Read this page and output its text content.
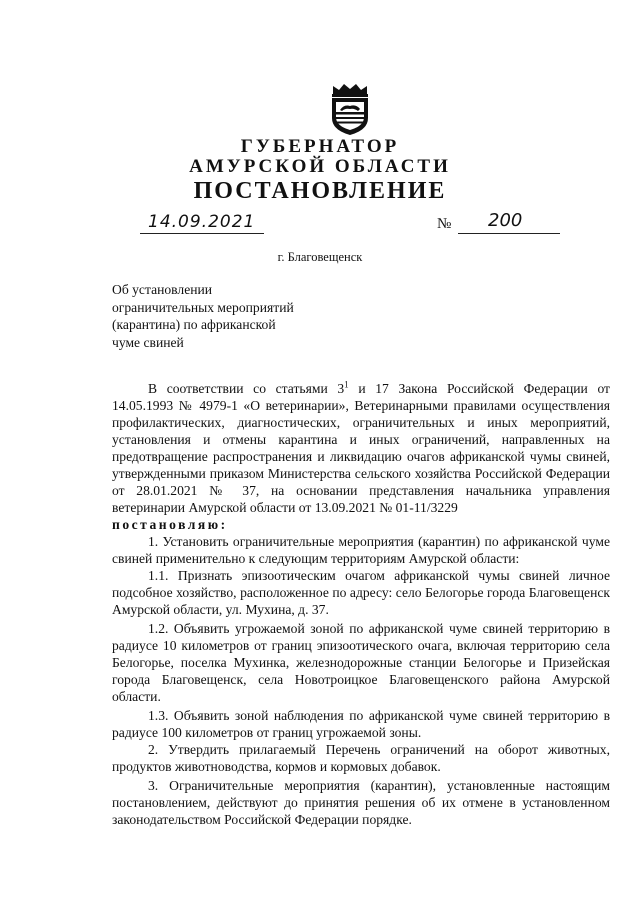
ГУБЕРНАТОР
АМУРСКОЙ ОБЛАСТИ
ПОСТАНОВЛЕНИЕ
14.09.2021	№ 200
г. Благовещенск
Об установлении
ограничительных мероприятий
(карантина) по африканской
чуме свиней

В соответствии со статьями $3^1$ и 17 Закона Российской Федерации от 14.05.1993 № 4979-1 «О ветеринарии», Ветеринарными правилами осуществления профилактических, диагностических, ограничительных и иных мероприятий, установления и отмены карантина и иных ограничений, направленных на предотвращение распространения и ликвидацию очагов африканской чумы свиней, утвержденными приказом Министерства сельского хозяйства Российской Федерации от 28.01.2021 № 37, на основании представления начальника управления ветеринарии Амурской области от 13.09.2021 № 01-11/3229

постановляю:

1. Установить ограничительные мероприятия (карантин) по африканской чуме свиней применительно к следующим территориям Амурской области:

1.1. Признать эпизоотическим очагом африканской чумы свиней личное подсобное хозяйство, расположенное по адресу: село Белогорье города Благовещенск Амурской области, ул. Мухина, д. 37.

1.2. Объявить угрожаемой зоной по африканской чуме свиней территорию в радиусе 10 километров от границ эпизоотического очага, включая территорию села Белогорье, поселка Мухинка, железнодорожные станции Белогорье и Призейская города Благовещенск, села Новотроицкое Благовещенского района Амурской области.

1.3. Объявить зоной наблюдения по африканской чуме свиней территорию в радиусе 100 километров от границ угрожаемой зоны.

2. Утвердить прилагаемый Перечень ограничений на оборот животных, продуктов животноводства, кормов и кормовых добавок.

3. Ограничительные мероприятия (карантин), установленные настоящим постановлением, действуют до принятия решения об их отмене в установленном законодательством Российской Федерации порядке.
